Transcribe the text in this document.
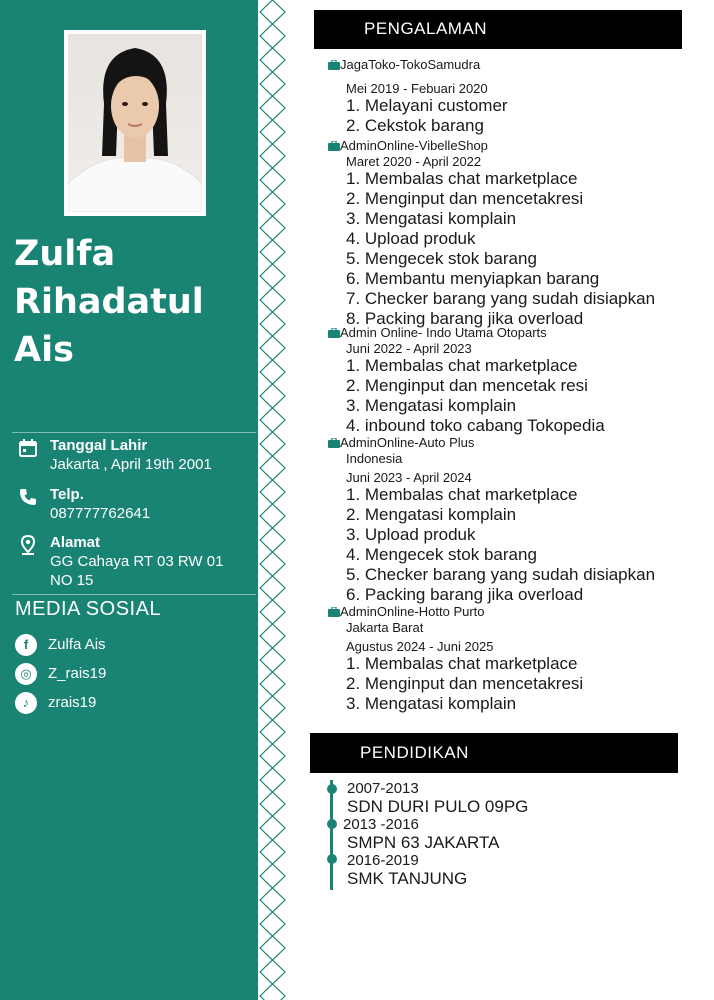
Zulfa
Rihadatul
Ais
Tanggal Lahir
Jakarta , April 19th 2001
Telp.
087777762641
Alamat
GG Cahaya RT 03 RW 01 NO 15
MEDIA SOSIAL
f	Zulfa Ais
◎	Z_rais19
♪	zrais19
PENGALAMAN
JagaToko-TokoSamudra
Mei 2019 - Febuari 2020
1. Melayani customer
2. Cekstok barang
AdminOnline-VibelleShop
Maret 2020 - April 2022
1. Membalas chat marketplace
2. Menginput dan mencetakresi
3. Mengatasi komplain
4. Upload produk
5. Mengecek stok barang
6. Membantu menyiapkan barang
7. Checker barang yang sudah disiapkan
8. Packing barang jika overload
Admin Online- Indo Utama Otoparts
Juni 2022 - April 2023
1. Membalas chat marketplace
2. Menginput dan mencetak resi
3. Mengatasi komplain
4. inbound toko cabang Tokopedia
AdminOnline-Auto Plus
Indonesia
Juni 2023 - April 2024
1. Membalas chat marketplace
2. Mengatasi komplain
3. Upload produk
4. Mengecek stok barang
5. Checker barang yang sudah disiapkan
6. Packing barang jika overload
AdminOnline-Hotto Purto
Jakarta Barat
Agustus 2024 - Juni 2025
1. Membalas chat marketplace
2. Menginput dan mencetakresi
3. Mengatasi komplain
PENDIDIKAN
2007-2013
SDN DURI PULO 09PG
2013 -2016
SMPN 63 JAKARTA
2016-2019
SMK TANJUNG
